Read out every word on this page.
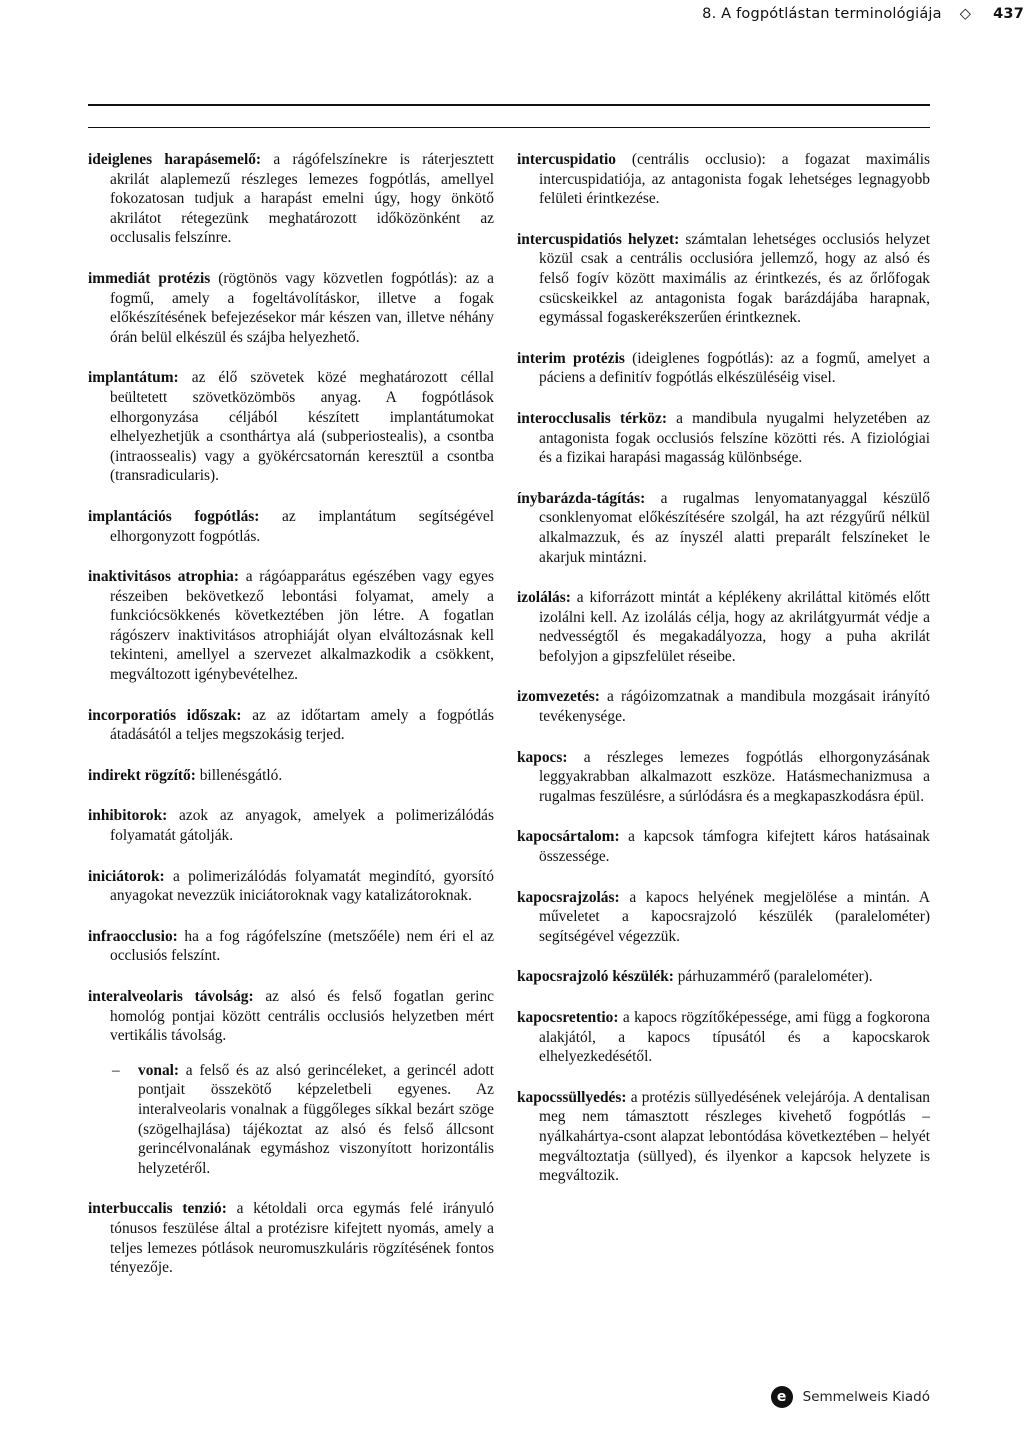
8. A fogpótlástan terminológiája ◇ 437

ideiglenes harapásemelő: a rágófelszínekre is ráterjesztett akrilát alaplemezű részleges lemezes fogpótlás, amellyel fokozatosan tudjuk a harapást emelni úgy, hogy önkötő akrilátot rétegezünk meghatározott időközönként az occlusalis felszínre.

immediát protézis (rögtönös vagy közvetlen fogpótlás): az a fogmű, amely a fogeltávolításkor, illetve a fogak előkészítésének befejezésekor már készen van, illetve néhány órán belül elkészül és szájba helyezhető.

implantátum: az élő szövetek közé meghatározott céllal beültetett szövetközömbös anyag. A fogpótlások elhorgonyzása céljából készített implantátumokat elhelyezhetjük a csonthártya alá (subperiostealis), a csontba (intraossealis) vagy a gyökércsatornán keresztül a csontba (transradicularis).

implantációs fogpótlás: az implantátum segítségével elhorgonyzott fogpótlás.

inaktivitásos atrophia: a rágóapparátus egészében vagy egyes részeiben bekövetkező lebontási folyamat, amely a funkciócsökkenés következtében jön létre. A fogatlan rágószerv inaktivitásos atrophiáját olyan elváltozásnak kell tekinteni, amellyel a szervezet alkalmazkodik a csökkent, megváltozott igénybevételhez.

incorporatiós időszak: az az időtartam amely a fogpótlás átadásától a teljes megszokásig terjed.

indirekt rögzítő: billenésgátló.

inhibitorok: azok az anyagok, amelyek a polimerizálódás folyamatát gátolják.

iniciátorok: a polimerizálódás folyamatát megindító, gyorsító anyagokat nevezzük iniciátoroknak vagy katalizátoroknak.

infraocclusio: ha a fog rágófelszíne (metszőéle) nem éri el az occlusiós felszínt.

interalveolaris távolság: az alsó és felső fogatlan gerinc homológ pontjai között centrális occlusiós helyzetben mért vertikális távolság.

– vonal: a felső és az alsó gerincéleket, a gerincél adott pontjait összekötő képzeletbeli egyenes. Az interalveolaris vonalnak a függőleges síkkal bezárt szöge (szögelhajlása) tájékoztat az alsó és felső állcsont gerincélvonalának egymáshoz viszonyított horizontális helyzetéről.

interbuccalis tenzió: a kétoldali orca egymás felé irányuló tónusos feszülése által a protézisre kifejtett nyomás, amely a teljes lemezes pótlások neuromuszkuláris rögzítésének fontos tényezője.

intercuspidatio (centrális occlusio): a fogazat maximális intercuspidatiója, az antagonista fogak lehetséges legnagyobb felületi érintkezése.

intercuspidatiós helyzet: számtalan lehetséges occlusiós helyzet közül csak a centrális occlusióra jellemző, hogy az alsó és felső fogív között maximális az érintkezés, és az őrlőfogak csücskeikkel az antagonista fogak barázdájába harapnak, egymással fogaskerékszerűen érintkeznek.

interim protézis (ideiglenes fogpótlás): az a fogmű, amelyet a páciens a definitív fogpótlás elkészüléséig visel.

interocclusalis térköz: a mandibula nyugalmi helyzetében az antagonista fogak occlusiós felszíne közötti rés. A fiziológiai és a fizikai harapási magasság különbsége.

ínybarázda-tágítás: a rugalmas lenyomatanyaggal készülő csonklenyomat előkészítésére szolgál, ha azt rézgyűrű nélkül alkalmazzuk, és az ínyszél alatti preparált felszíneket le akarjuk mintázni.

izolálás: a kiforrázott mintát a képlékeny akriláttal kitömés előtt izolálni kell. Az izolálás célja, hogy az akrilátgyurmát védje a nedvességtől és megakadályozza, hogy a puha akrilát befolyjon a gipszfelület réseibe.

izomvezetés: a rágóizomzatnak a mandibula mozgásait irányító tevékenysége.

kapocs: a részleges lemezes fogpótlás elhorgonyzásának leggyakrabban alkalmazott eszköze. Hatásmechanizmusa a rugalmas feszülésre, a súrlódásra és a megkapaszkodásra épül.

kapocsártalom: a kapcsok támfogra kifejtett káros hatásainak összessége.

kapocsrajzolás: a kapocs helyének megjelölése a mintán. A műveletet a kapocsrajzoló készülék (paralelométer) segítségével végezzük.

kapocsrajzoló készülék: párhuzammérő (paralelométer).

kapocsretentio: a kapocs rögzítőképessége, ami függ a fogkorona alakjától, a kapocs típusától és a kapocskarok elhelyezkedésétől.

kapocssüllyedés: a protézis süllyedésének velejárója. A dentalisan meg nem támasztott részleges kivehető fogpótlás – nyálkahártya-csont alapzat lebontódása következtében – helyét megváltoztatja (süllyed), és ilyenkor a kapcsok helyzete is megváltozik.

e	Semmelweis Kiadó
